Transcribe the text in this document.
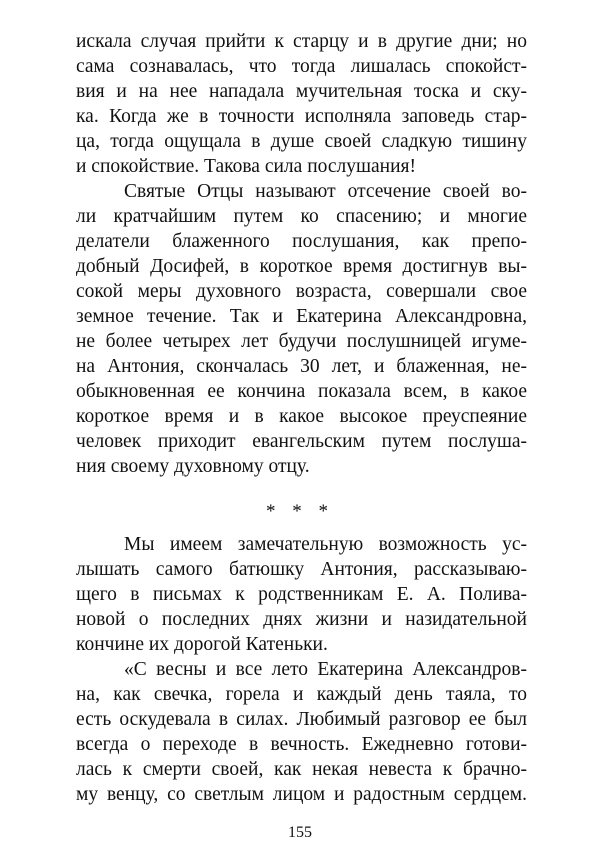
искала случая прийти к старцу и в другие дни; но
сама сознавалась, что тогда лишалась спокойст-
вия и на нее нападала мучительная тоска и ску-
ка. Когда же в точности исполняла заповедь стар-
ца, тогда ощущала в душе своей сладкую тишину
и спокойствие. Такова сила послушания!
Святые Отцы называют отсечение своей во-
ли кратчайшим путем ко спасению; и многие
делатели блаженного послушания, как препо-
добный Досифей, в короткое время достигнув вы-
сокой меры духовного возраста, совершали свое
земное течение. Так и Екатерина Александровна,
не более четырех лет будучи послушницей игуме-
на Антония, скончалась 30 лет, и блаженная, не-
обыкновенная ее кончина показала всем, в какое
короткое время и в какое высокое преуспеяние
человек приходит евангельским путем послуша-
ния своему духовному отцу.
* * *
Мы имеем замечательную возможность ус-
лышать самого батюшку Антония, рассказываю-
щего в письмах к родственникам Е. А. Полива-
новой о последних днях жизни и назидательной
кончине их дорогой Катеньки.
«С весны и все лето Екатерина Александров-
на, как свечка, горела и каждый день таяла, то
есть оскудевала в силах. Любимый разговор ее был
всегда о переходе в вечность. Ежедневно готови-
лась к смерти своей, как некая невеста к брачно-
му венцу, со светлым лицом и радостным сердцем.
155
